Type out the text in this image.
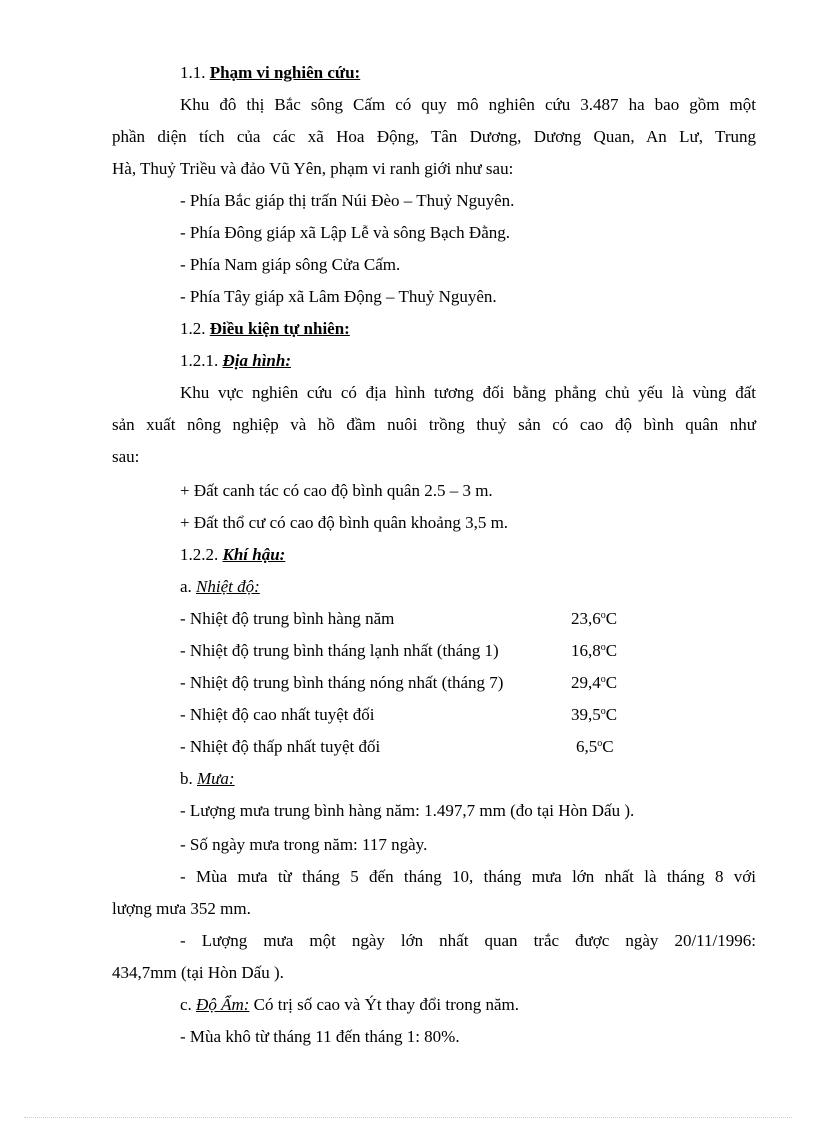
1.1. Phạm vi nghiên cứu:
Khu đô thị Bắc sông Cấm có quy mô nghiên cứu 3.487 ha bao gồm một
phần diện tích của các xã Hoa Động, Tân Dương, Dương Quan, An Lư, Trung
Hà, Thuỷ Triều và đảo Vũ Yên, phạm vi ranh giới như sau:
- Phía Bắc giáp thị trấn Núi Đèo – Thuỷ Nguyên.
- Phía Đông giáp xã Lập Lễ và sông Bạch Đằng.
- Phía Nam giáp sông Cửa Cấm.
- Phía Tây giáp xã Lâm Động – Thuỷ Nguyên.
1.2. Điều kiện tự nhiên:
1.2.1. Địa hình:
Khu vực nghiên cứu có địa hình tương đối bằng phẳng chủ yếu là vùng đất
sản xuất nông nghiệp và hồ đầm nuôi trồng thuỷ sản có cao độ bình quân như
sau:
+ Đất canh tác có cao độ bình quân 2.5 – 3 m.
+ Đất thổ cư có cao độ bình quân khoảng 3,5 m.
1.2.2. Khí hậu:
a. Nhiệt độ:
- Nhiệt độ trung bình hàng năm	23,6$^o$C
- Nhiệt độ trung bình tháng lạnh nhất (tháng 1)	16,8$^o$C
- Nhiệt độ trung bình tháng nóng nhất (tháng 7)	29,4$^o$C
- Nhiệt độ cao nhất tuyệt đối	39,5$^o$C
- Nhiệt độ thấp nhất tuyệt đối	6,5$^o$C
b. Mưa:
- Lượng mưa trung bình hàng năm: 1.497,7 mm (đo tại Hòn Dấu ).
- Số ngày mưa trong năm: 117 ngày.
- Mùa mưa từ tháng 5 đến tháng 10, tháng mưa lớn nhất là tháng 8 với
lượng mưa 352 mm.
- Lượng mưa một ngày lớn nhất quan trắc được ngày 20/11/1996:
434,7mm (tại Hòn Dấu ).
c. Độ Ẩm: Có trị số cao và Ýt thay đổi trong năm.
- Mùa khô từ tháng 11 đến tháng 1: 80%.
